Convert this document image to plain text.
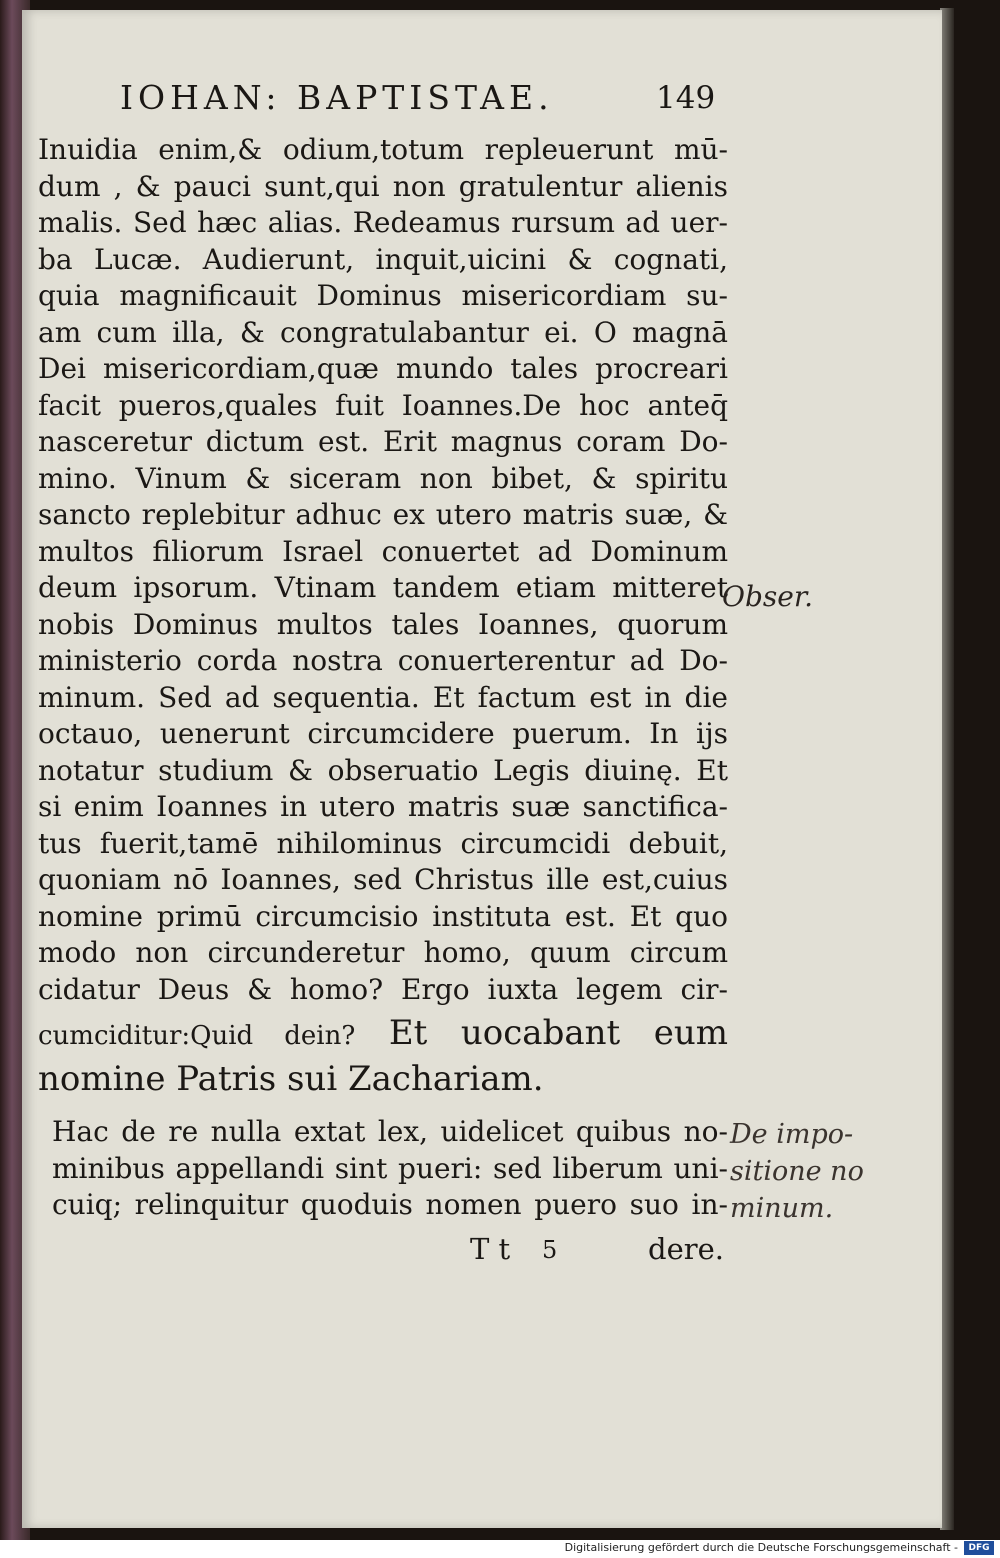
IOHAN: BAPTISTAE.	149
Inuidia enim,& odium,totum repleuerunt mū-
dum , & pauci sunt,qui non gratulentur alienis
malis. Sed hæc alias. Redeamus rursum ad uer-
ba Lucæ. Audierunt, inquit,uicini & cognati,
quia magnificauit Dominus misericordiam su-
am cum illa, & congratulabantur ei. O magnā
Dei misericordiam,quæ mundo tales procreari
facit pueros,quales fuit Ioannes.De hoc anteq̄
nasceretur dictum est. Erit magnus coram Do-
mino. Vinum & siceram non bibet, & spiritu
sancto replebitur adhuc ex utero matris suæ, &
multos filiorum Israel conuertet ad Dominum
deum ipsorum. Vtinam tandem etiam mitteret
nobis Dominus multos tales Ioannes, quorum
ministerio corda nostra conuerterentur ad Do-
minum. Sed ad sequentia. Et factum est in die
octauo, uenerunt circumcidere puerum. In ijs
notatur studium & obseruatio Legis diuinę. Et
si enim Ioannes in utero matris suæ sanctifica-
tus fuerit,tamē nihilominus circumcidi debuit,
quoniam nō Ioannes, sed Christus ille est,cuius
nomine primū circumcisio instituta est. Et quo
modo non circunderetur homo, quum circum
cidatur Deus & homo? Ergo iuxta legem cir-
cumciditur:Quid dein? Et uocabant eum
nomine Patris sui Zachariam.
Hac de re nulla extat lex, uidelicet quibus no-
minibus appellandi sint pueri: sed liberum uni-
cuiq; relinquitur quoduis nomen puero suo in-
T t 5	dere.
Obser.
De impo-
sitione no
minum.
Digitalisierung gefördert durch die Deutsche Forschungsgemeinschaft -	DFG
